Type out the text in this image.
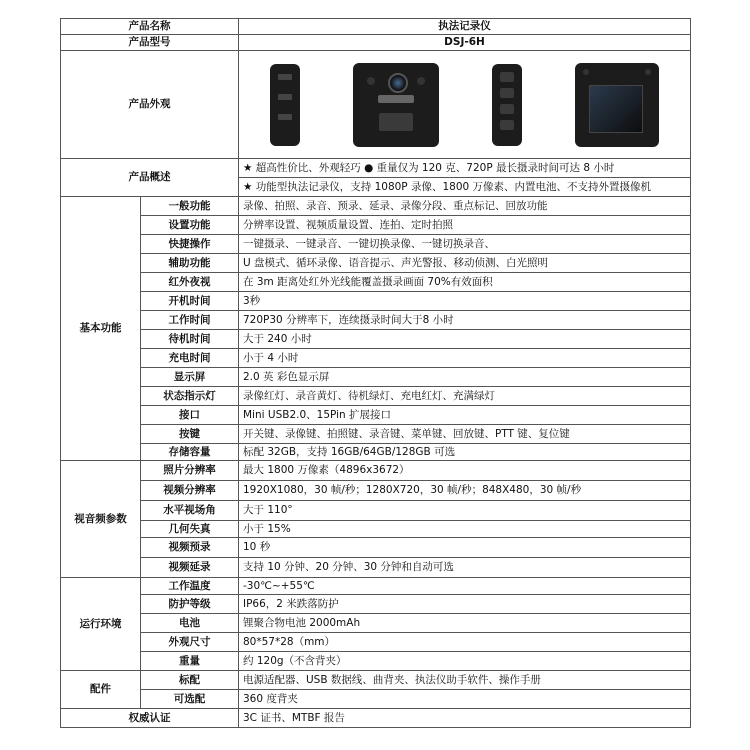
产品名称		执法记录仪
产品型号		DSJ-6H
产品外观		

产品概述		★ 超高性价比、外观轻巧 ● 重量仅为 120 克、720P 最长摄录时间可达 8 小时
		★ 功能型执法记录仪，支持 1080P 录像、1800 万像素、内置电池、不支持外置摄像机
基本功能	一般功能	录像、拍照、录音、预录、延录、录像分段、重点标记、回放功能
	设置功能	分辨率设置、视频质量设置、连拍、定时拍照
	快捷操作	一键摄录、一键录音、一键切换录像、一键切换录音、
	辅助功能	U 盘模式、循环录像、语音提示、声光警报、移动侦测、白光照明
	红外夜视	在 3m 距离处红外光线能覆盖摄录画面 70%有效面积
	开机时间	3秒
	工作时间	720P30 分辨率下，连续摄录时间大于8 小时
	待机时间	大于 240 小时
	充电时间	小于 4 小时
	显示屏	2.0 英 彩色显示屏
	状态指示灯	录像红灯、录音黄灯、待机绿灯、充电红灯、充满绿灯
	接口	Mini USB2.0、15Pin 扩展接口
	按键	开关键、录像键、拍照键、录音键、菜单键、回放键、PTT 键、复位键
	存储容量	标配 32GB，支持 16GB/64GB/128GB 可选
视音频参数	照片分辨率	最大 1800 万像素（4896x3672）
	视频分辨率	1920X1080，30 帧/秒；1280X720，30 帧/秒；848X480，30 帧/秒
	水平视场角	大于 110°
	几何失真	小于 15%
	视频预录	10 秒
	视频延录	支持 10 分钟、20 分钟、30 分钟和自动可选
运行环境	工作温度	-30℃~+55℃
	防护等级	IP66，2 米跌落防护
	电池	锂聚合物电池 2000mAh
	外观尺寸	80*57*28（mm）
	重量	约 120g（不含背夹）
配件	标配	电源适配器、USB 数据线、曲背夹、执法仪助手软件、操作手册
	可选配	360 度背夹
权威认证		3C 证书、MTBF 报告
